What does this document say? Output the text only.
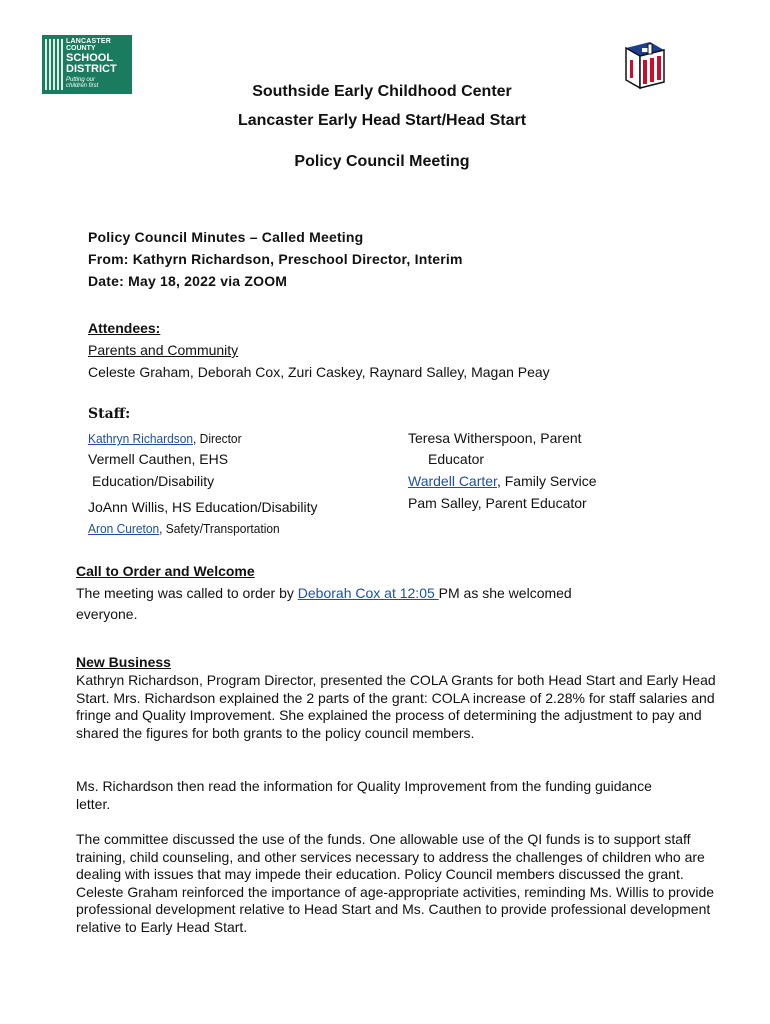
LANCASTER
COUNTY
SCHOOL
DISTRICT
Putting our
children first	Southside Early Childhood Center
Lancaster Early Head Start/Head Start
Policy Council Meeting
Policy Council Minutes – Called Meeting
From: Kathyrn Richardson, Preschool Director, Interim
Date: May 18, 2022 via ZOOM
Attendees:
Parents and Community
Celeste Graham, Deborah Cox, Zuri Caskey, Raynard Salley, Magan Peay
Staff:
Kathryn Richardson, Director
Vermell Cauthen, EHS
Education/Disability
JoAnn Willis, HS Education/Disability
Aron Cureton, Safety/Transportation
Teresa Witherspoon, Parent
Educator
Wardell Carter, Family Service
Pam Salley, Parent Educator
Call to Order and Welcome
The meeting was called to order by Deborah Cox at 12:05 PM as she welcomed
everyone.
New Business
Kathryn Richardson, Program Director, presented the COLA Grants for both Head Start and Early Head Start. Mrs. Richardson explained the 2 parts of the grant: COLA increase of 2.28% for staff salaries and fringe and Quality Improvement. She explained the process of determining the adjustment to pay and shared the figures for both grants to the policy council members.
Ms. Richardson then read the information for Quality Improvement from the funding guidance letter.
The committee discussed the use of the funds. One allowable use of the QI funds is to support staff training, child counseling, and other services necessary to address the challenges of children who are dealing with issues that may impede their education. Policy Council members discussed the grant. Celeste Graham reinforced the importance of age-appropriate activities, reminding Ms. Willis to provide professional development relative to Head Start and Ms. Cauthen to provide professional development relative to Early Head Start.
